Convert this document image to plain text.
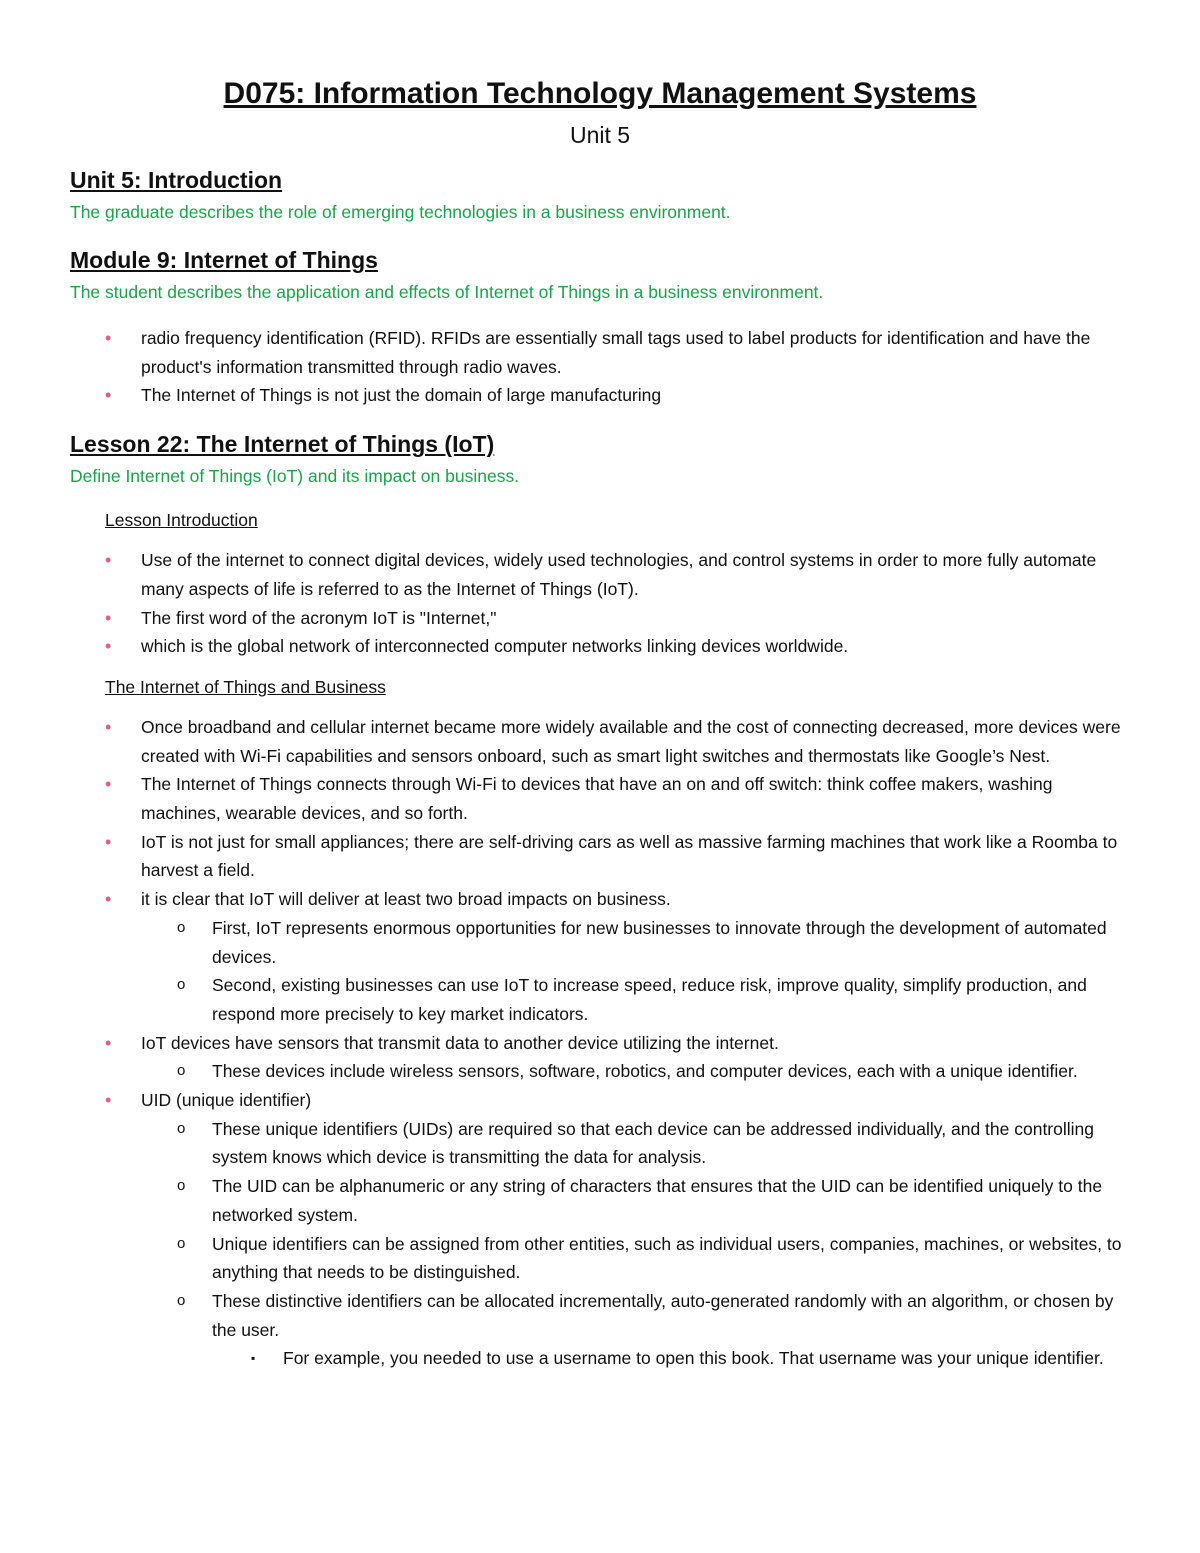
D075: Information Technology Management Systems
Unit 5
Unit 5: Introduction

The graduate describes the role of emerging technologies in a business environment.

Module 9: Internet of Things

The student describes the application and effects of Internet of Things in a business environment.

• radio frequency identification (RFID). RFIDs are essentially small tags used to label products for identification and have the product's information transmitted through radio waves.
• The Internet of Things is not just the domain of large manufacturing
Lesson 22: The Internet of Things (IoT)

Define Internet of Things (IoT) and its impact on business.

Lesson Introduction
• Use of the internet to connect digital devices, widely used technologies, and control systems in order to more fully automate many aspects of life is referred to as the Internet of Things (IoT).
• The first word of the acronym IoT is "Internet,"
• which is the global network of interconnected computer networks linking devices worldwide.
The Internet of Things and Business
• Once broadband and cellular internet became more widely available and the cost of connecting decreased, more devices were created with Wi-Fi capabilities and sensors onboard, such as smart light switches and thermostats like Google’s Nest.
• The Internet of Things connects through Wi-Fi to devices that have an on and off switch: think coffee makers, washing machines, wearable devices, and so forth.
• IoT is not just for small appliances; there are self-driving cars as well as massive farming machines that work like a Roomba to harvest a field.
• it is clear that IoT will deliver at least two broad impacts on business.
o First, IoT represents enormous opportunities for new businesses to innovate through the development of automated devices.
o Second, existing businesses can use IoT to increase speed, reduce risk, improve quality, simplify production, and respond more precisely to key market indicators.
• IoT devices have sensors that transmit data to another device utilizing the internet.
o These devices include wireless sensors, software, robotics, and computer devices, each with a unique identifier.
• UID (unique identifier)
o These unique identifiers (UIDs) are required so that each device can be addressed individually, and the controlling system knows which device is transmitting the data for analysis.
o The UID can be alphanumeric or any string of characters that ensures that the UID can be identified uniquely to the networked system.
o Unique identifiers can be assigned from other entities, such as individual users, companies, machines, or websites, to anything that needs to be distinguished.
o These distinctive identifiers can be allocated incrementally, auto-generated randomly with an algorithm, or chosen by the user.
▪ For example, you needed to use a username to open this book. That username was your unique identifier.
